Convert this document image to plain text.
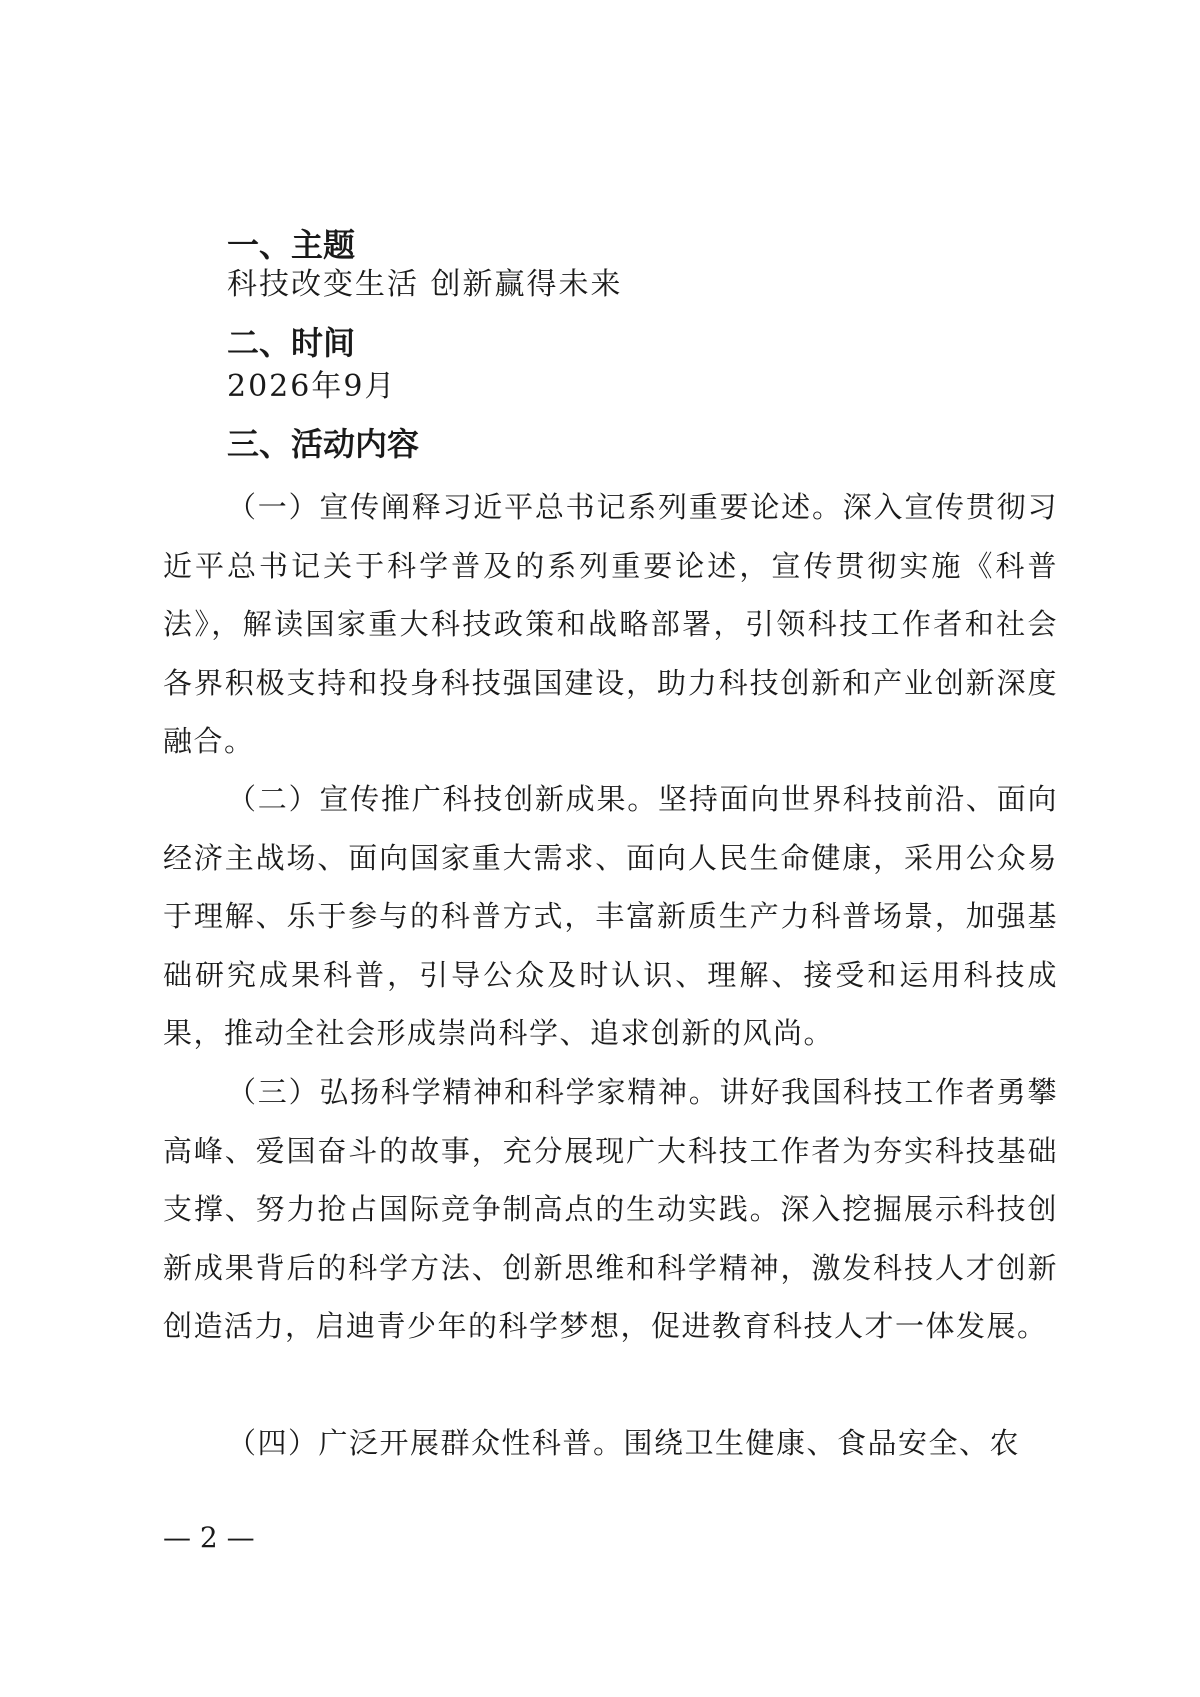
一、主题

科技改变生活 创新赢得未来

二、时间

2026年9月

三、活动内容

（一）宣传阐释习近平总书记系列重要论述。深入宣传贯彻习近平总书记关于科学普及的系列重要论述，宣传贯彻实施《科普法》，解读国家重大科技政策和战略部署，引领科技工作者和社会各界积极支持和投身科技强国建设，助力科技创新和产业创新深度融合。

（二）宣传推广科技创新成果。坚持面向世界科技前沿、面向经济主战场、面向国家重大需求、面向人民生命健康，采用公众易于理解、乐于参与的科普方式，丰富新质生产力科普场景，加强基础研究成果科普，引导公众及时认识、理解、接受和运用科技成果，推动全社会形成崇尚科学、追求创新的风尚。

（三）弘扬科学精神和科学家精神。讲好我国科技工作者勇攀高峰、爱国奋斗的故事，充分展现广大科技工作者为夯实科技基础支撑、努力抢占国际竞争制高点的生动实践。深入挖掘展示科技创新成果背后的科学方法、创新思维和科学精神，激发科技人才创新创造活力，启迪青少年的科学梦想，促进教育科技人才一体发展。

（四）广泛开展群众性科普。围绕卫生健康、食品安全、农

— 2 —
